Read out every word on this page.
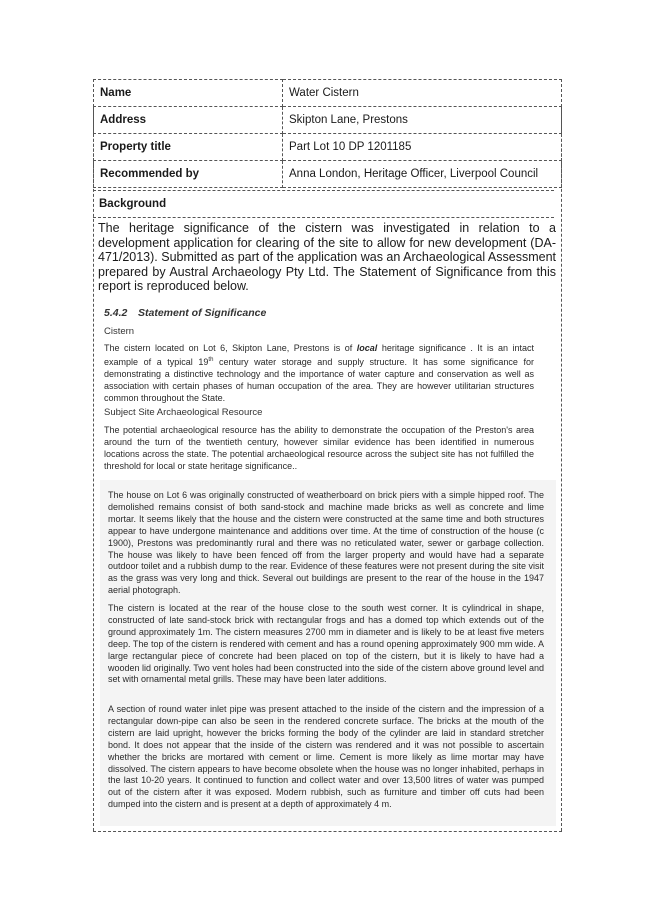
Name	Water Cistern
Address	Skipton Lane, Prestons
Property title	Part Lot 10 DP 1201185
Recommended by	Anna London, Heritage Officer, Liverpool Council
Background

The heritage significance of the cistern was investigated in relation to a development application for clearing of the site to allow for new development (DA-471/2013). Submitted as part of the application was an Archaeological Assessment prepared by Austral Archaeology Pty Ltd. The Statement of Significance from this report is reproduced below.

5.4.2 Statement of Significance
Cistern

The cistern located on Lot 6, Skipton Lane, Prestons is of local heritage significance . It is an intact example of a typical 19th century water storage and supply structure. It has some significance for demonstrating a distinctive technology and the importance of water capture and conservation as well as association with certain phases of human occupation of the area. They are however utilitarian structures common throughout the State.

Subject Site Archaeological Resource

The potential archaeological resource has the ability to demonstrate the occupation of the Preston's area around the turn of the twentieth century, however similar evidence has been identified in numerous locations across the state. The potential archaeological resource across the subject site has not fulfilled the threshold for local or state heritage significance..

The house on Lot 6 was originally constructed of weatherboard on brick piers with a simple hipped roof. The demolished remains consist of both sand-stock and machine made bricks as well as concrete and lime mortar. It seems likely that the house and the cistern were constructed at the same time and both structures appear to have undergone maintenance and additions over time. At the time of construction of the house (c 1900), Prestons was predominantly rural and there was no reticulated water, sewer or garbage collection. The house was likely to have been fenced off from the larger property and would have had a separate outdoor toilet and a rubbish dump to the rear. Evidence of these features were not present during the site visit as the grass was very long and thick. Several out buildings are present to the rear of the house in the 1947 aerial photograph.

The cistern is located at the rear of the house close to the south west corner. It is cylindrical in shape, constructed of late sand-stock brick with rectangular frogs and has a domed top which extends out of the ground approximately 1m. The cistern measures 2700 mm in diameter and is likely to be at least five meters deep. The top of the cistern is rendered with cement and has a round opening approximately 900 mm wide. A large rectangular piece of concrete had been placed on top of the cistern, but it is likely to have had a wooden lid originally. Two vent holes had been constructed into the side of the cistern above ground level and set with ornamental metal grills. These may have been later additions.

A section of round water inlet pipe was present attached to the inside of the cistern and the impression of a rectangular down-pipe can also be seen in the rendered concrete surface. The bricks at the mouth of the cistern are laid upright, however the bricks forming the body of the cylinder are laid in standard stretcher bond. It does not appear that the inside of the cistern was rendered and it was not possible to ascertain whether the bricks are mortared with cement or lime. Cement is more likely as lime mortar may have dissolved. The cistern appears to have become obsolete when the house was no longer inhabited, perhaps in the last 10-20 years. It continued to function and collect water and over 13,500 litres of water was pumped out of the cistern after it was exposed. Modern rubbish, such as furniture and timber off cuts had been dumped into the cistern and is present at a depth of approximately 4 m.
